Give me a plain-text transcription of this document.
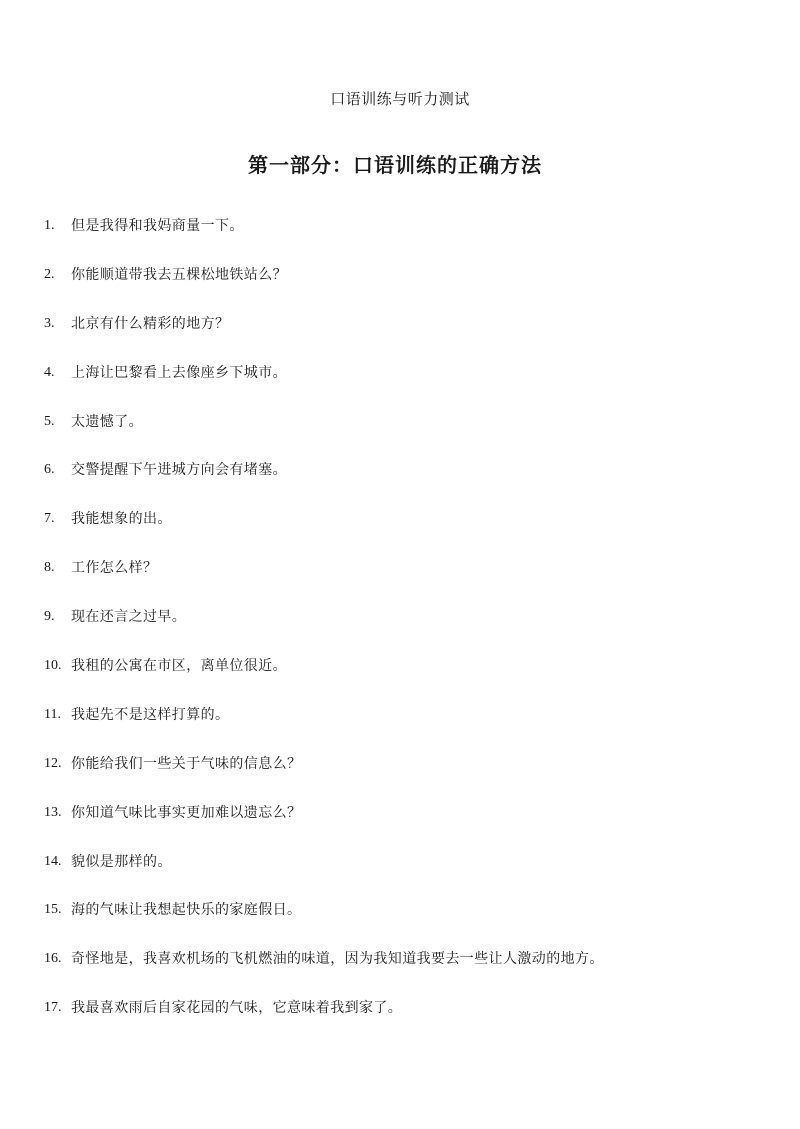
口语训练与听力测试
第一部分：口语训练的正确方法
1.	但是我得和我妈商量一下。
2.	你能顺道带我去五棵松地铁站么？
3.	北京有什么精彩的地方？
4.	上海让巴黎看上去像座乡下城市。
5.	太遗憾了。
6.	交警提醒下午进城方向会有堵塞。
7.	我能想象的出。
8.	工作怎么样？
9.	现在还言之过早。
10. 我租的公寓在市区，离单位很近。
11. 我起先不是这样打算的。
12. 你能给我们一些关于气味的信息么？
13. 你知道气味比事实更加难以遗忘么？
14. 貌似是那样的。
15. 海的气味让我想起快乐的家庭假日。
16. 奇怪地是，我喜欢机场的飞机燃油的味道，因为我知道我要去一些让人激动的地方。
17. 我最喜欢雨后自家花园的气味，它意味着我到家了。
